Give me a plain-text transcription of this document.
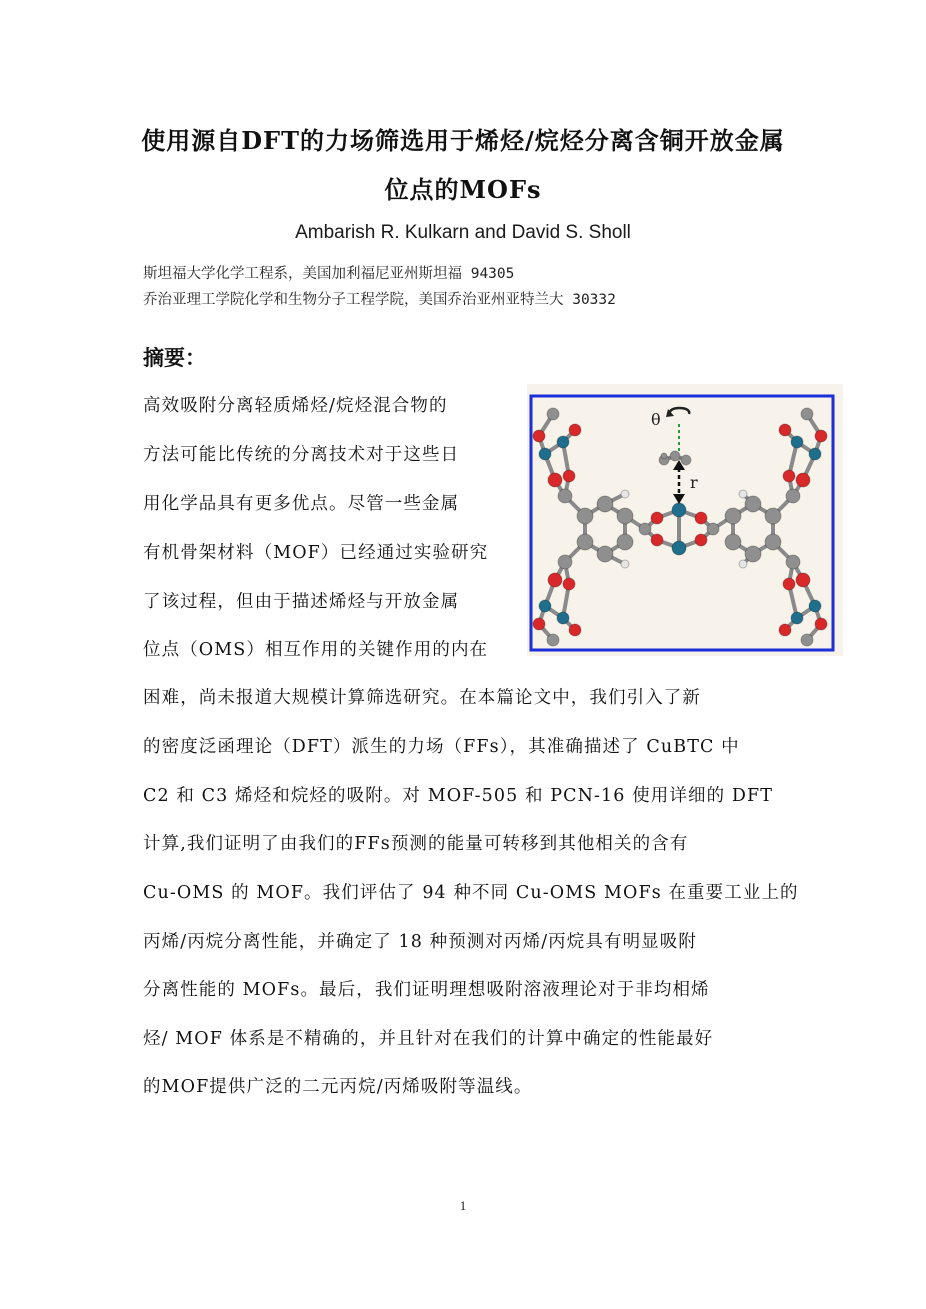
使用源自DFT的力场筛选用于烯烃/烷烃分离含铜开放金属
位点的MOFs
Ambarish R. Kulkarn and David S. Sholl
斯坦福大学化学工程系，美国加利福尼亚州斯坦福 94305
乔治亚理工学院化学和生物分子工程学院，美国乔治亚州亚特兰大 30332
摘要：
高效吸附分离轻质烯烃/烷烃混合物的
方法可能比传统的分离技术对于这些日
用化学品具有更多优点。尽管一些金属
有机骨架材料（MOF）已经通过实验研究
了该过程，但由于描述烯烃与开放金属
位点（OMS）相互作用的关键作用的内在
困难，尚未报道大规模计算筛选研究。在本篇论文中，我们引入了新
的密度泛函理论（DFT）派生的力场（FFs），其准确描述了 CuBTC 中
C2 和 C3 烯烃和烷烃的吸附。对 MOF-505 和 PCN-16 使用详细的 DFT
计算,我们证明了由我们的FFs预测的能量可转移到其他相关的含有
Cu-OMS 的 MOF。我们评估了 94 种不同 Cu-OMS MOFs 在重要工业上的
丙烯/丙烷分离性能，并确定了 18 种预测对丙烯/丙烷具有明显吸附
分离性能的 MOFs。最后，我们证明理想吸附溶液理论对于非均相烯
烃/ MOF 体系是不精确的，并且针对在我们的计算中确定的性能最好
的MOF提供广泛的二元丙烷/丙烯吸附等温线。
θ
r
1
